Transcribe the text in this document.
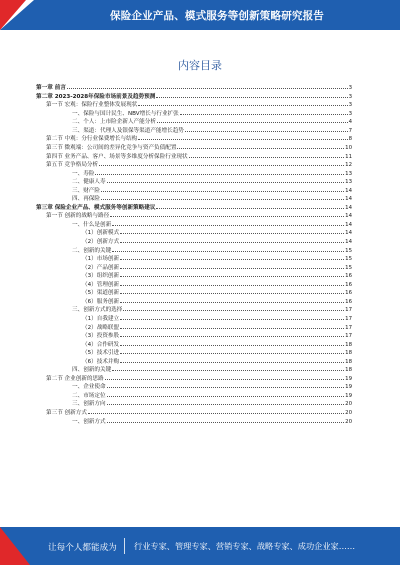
保险企业产品、模式服务等创新策略研究报告
内容目录
第一章 前言	3
第二章 2023-2028年保险市场前景及趋势预测	3
第一节 宏观：保险行业整体发展现状	3
一、保险与国计民生、NBV增长与行业扩张	3
二、个人：上市险企新人产能分析	4
三、渠道：代理人及银保等渠道产能增长趋势	7
第二节 中观：分行业保费增长与结构	8
第三节 微观端：公司间的差异化竞争与资产负债配置	10
第四节 业务产品、客户、场景等多维度分析保险行业现状	11
第五节 竞争格局分析	12
一、寿险	13
二、健康人寿	13
三、财产险	14
四、再保险	14
第三章 保险企业产品、模式服务等创新策略建议	14
第一节 创新的战略与路径	14
一、什么是创新	14
（1）创新模式	14
（2）创新方式	14
二、创新的关键	15
（1）市场创新	15
（2）产品创新	15
（3）组织创新	16
（4）管理创新	16
（5）渠道创新	16
（6）服务创新	16
三、创新方式的选择	17
（1）自我建立	17
（2）战略联盟	17
（3）投资参股	17
（4）合作研发	18
（5）技术引进	18
（6）技术并购	18
四、创新的关键	18
第二节 企业创新的思路	19
一、企业使命	19
二、市场定位	19
三、创新方向	20
第三节 创新方式	20
一、创新方式	20
让每个人都能成为 行业专家、管理专家、营销专家、战略专家、成功企业家……
